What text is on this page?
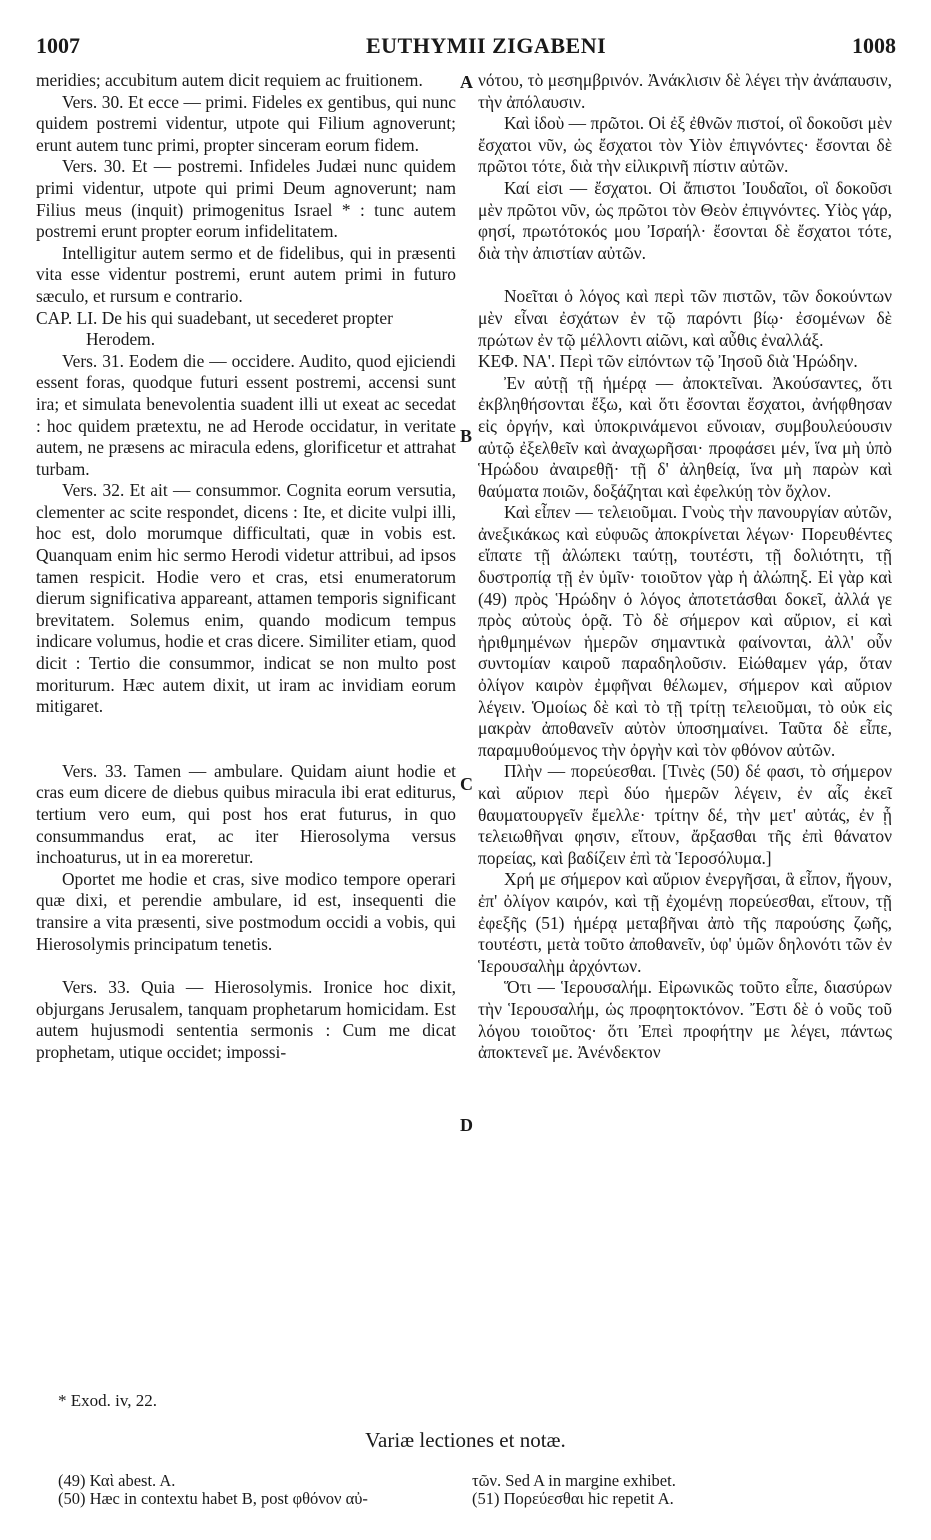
1007	EUTHYMII ZIGABENI	1008

meridies; accubitum autem dicit requiem ac fruitionem.

Vers. 30. Et ecce — primi. Fideles ex gentibus, qui nunc quidem postremi videntur, utpote qui Filium agnoverunt; erunt autem tunc primi, propter sinceram eorum fidem.

Vers. 30. Et — postremi. Infideles Judæi nunc quidem primi videntur, utpote qui primi Deum agnoverunt; nam Filius meus (inquit) primogenitus Israel * : tunc autem postremi erunt propter eorum infidelitatem.

Intelligitur autem sermo et de fidelibus, qui in præsenti vita esse videntur postremi, erunt autem primi in futuro sæculo, et rursum e contrario.

CAP. LI. De his qui suadebant, ut secederet propter Herodem.

Vers. 31. Eodem die — occidere. Audito, quod ejiciendi essent foras, quodque futuri essent postremi, accensi sunt ira; et simulata benevolentia suadent illi ut exeat ac secedat : hoc quidem prætextu, ne ad Herode occidatur, in veritate autem, ne præsens ac miracula edens, glorificetur et attrahat turbam.

Vers. 32. Et ait — consummor. Cognita eorum versutia, clementer ac scite respondet, dicens : Ite, et dicite vulpi illi, hoc est, dolo morumque difficultati, quæ in vobis est. Quanquam enim hic sermo Herodi videtur attribui, ad ipsos tamen respicit. Hodie vero et cras, etsi enumeratorum dierum significativa appareant, attamen temporis significant brevitatem. Solemus enim, quando modicum tempus indicare volumus, hodie et cras dicere. Similiter etiam, quod dicit : Tertio die consummor, indicat se non multo post moriturum. Hæc autem dixit, ut iram ac invidiam eorum mitigaret.

Vers. 33. Tamen — ambulare. Quidam aiunt hodie et cras eum dicere de diebus quibus miracula ibi erat editurus, tertium vero eum, qui post hos erat futurus, in quo consummandus erat, ac iter Hierosolyma versus inchoaturus, ut in ea moreretur.

Oportet me hodie et cras, sive modico tempore operari quæ dixi, et perendie ambulare, id est, insequenti die transire a vita præsenti, sive postmodum occidi a vobis, qui Hierosolymis principatum tenetis.

Vers. 33. Quia — Hierosolymis. Ironice hoc dixit, objurgans Jerusalem, tanquam prophetarum homicidam. Est autem hujusmodi sententia sermonis : Cum me dicat prophetam, utique occidet; impossi-

A
B
C
D

νότου, τὸ μεσημβρινόν. Ἀνάκλισιν δὲ λέγει τὴν ἀνάπαυσιν, τὴν ἀπόλαυσιν.

Καὶ ἰδοὺ — πρῶτοι. Οἱ ἐξ ἐθνῶν πιστοί, οἳ δοκοῦσι μὲν ἔσχατοι νῦν, ὡς ἔσχατοι τὸν Υἱὸν ἐπιγνόντες· ἔσονται δὲ πρῶτοι τότε, διὰ τὴν εἰλικρινῆ πίστιν αὐτῶν.

Καί εἰσι — ἔσχατοι. Οἱ ἄπιστοι Ἰουδαῖοι, οἳ δοκοῦσι μὲν πρῶτοι νῦν, ὡς πρῶτοι τὸν Θεὸν ἐπιγνόντες. Υἱὸς γάρ, φησί, πρωτότοκός μου Ἰσραήλ· ἔσονται δὲ ἔσχατοι τότε, διὰ τὴν ἀπιστίαν αὐτῶν.

Νοεῖται ὁ λόγος καὶ περὶ τῶν πιστῶν, τῶν δοκούντων μὲν εἶναι ἐσχάτων ἐν τῷ παρόντι βίῳ· ἐσομένων δὲ πρώτων ἐν τῷ μέλλοντι αἰῶνι, καὶ αὖθις ἐναλλάξ.

ΚΕΦ. ΝΑ'. Περὶ τῶν εἰπόντων τῷ Ἰησοῦ διὰ Ἡρώδην.

Ἐν αὐτῇ τῇ ἡμέρᾳ — ἀποκτεῖναι. Ἀκούσαντες, ὅτι ἐκβληθήσονται ἔξω, καὶ ὅτι ἔσονται ἔσχατοι, ἀνήφθησαν εἰς ὀργήν, καὶ ὑποκρινάμενοι εὔνοιαν, συμβουλεύουσιν αὐτῷ ἐξελθεῖν καὶ ἀναχωρῆσαι· προφάσει μέν, ἵνα μὴ ὑπὸ Ἡρώδου ἀναιρεθῇ· τῇ δ' ἀληθείᾳ, ἵνα μὴ παρὼν καὶ θαύματα ποιῶν, δοξάζηται καὶ ἐφελκύῃ τὸν ὄχλον.

Καὶ εἶπεν — τελειοῦμαι. Γνοὺς τὴν πανουργίαν αὐτῶν, ἀνεξικάκως καὶ εὐφυῶς ἀποκρίνεται λέγων· Πορευθέντες εἴπατε τῇ ἀλώπεκι ταύτῃ, τουτέστι, τῇ δολιότητι, τῇ δυστροπίᾳ τῇ ἐν ὑμῖν· τοιοῦτον γὰρ ἡ ἀλώπηξ. Εἰ γὰρ καὶ (49) πρὸς Ἡρώδην ὁ λόγος ἀποτετάσθαι δοκεῖ, ἀλλά γε πρὸς αὐτοὺς ὁρᾷ. Τὸ δὲ σήμερον καὶ αὔριον, εἰ καὶ ἠριθμημένων ἡμερῶν σημαντικὰ φαίνονται, ἀλλ' οὖν συντομίαν καιροῦ παραδηλοῦσιν. Εἰώθαμεν γάρ, ὅταν ὀλίγον καιρὸν ἐμφῆναι θέλωμεν, σήμερον καὶ αὔριον λέγειν. Ὁμοίως δὲ καὶ τὸ τῇ τρίτῃ τελειοῦμαι, τὸ οὐκ εἰς μακρὰν ἀποθανεῖν αὐτὸν ὑποσημαίνει. Ταῦτα δὲ εἶπε, παραμυθούμενος τὴν ὀργὴν καὶ τὸν φθόνον αὐτῶν.

Πλὴν — πορεύεσθαι. [Τινὲς (50) δέ φασι, τὸ σήμερον καὶ αὔριον περὶ δύο ἡμερῶν λέγειν, ἐν αἷς ἐκεῖ θαυματουργεῖν ἔμελλε· τρίτην δέ, τὴν μετ' αὐτάς, ἐν ᾗ τελειωθῆναι φησιν, εἴτουν, ἄρξασθαι τῆς ἐπὶ θάνατον πορείας, καὶ βαδίζειν ἐπὶ τὰ Ἱεροσόλυμα.]

Χρή με σήμερον καὶ αὔριον ἐνεργῆσαι, ἃ εἶπον, ἤγουν, ἐπ' ὀλίγον καιρόν, καὶ τῇ ἐχομένῃ πορεύεσθαι, εἴτουν, τῇ ἐφεξῆς (51) ἡμέρᾳ μεταβῆναι ἀπὸ τῆς παρούσης ζωῆς, τουτέστι, μετὰ τοῦτο ἀποθανεῖν, ὑφ' ὑμῶν δηλονότι τῶν ἐν Ἱερουσαλὴμ ἀρχόντων.

Ὅτι — Ἱερουσαλήμ. Εἰρωνικῶς τοῦτο εἶπε, διασύρων τὴν Ἱερουσαλήμ, ὡς προφητοκτόνον. Ἔστι δὲ ὁ νοῦς τοῦ λόγου τοιοῦτος· ὅτι Ἐπεὶ προφήτην με λέγει, πάντως ἀποκτενεῖ με. Ἀνένδεκτον

* Exod. iv, 22.
Variæ lectiones et notæ.

(49) Καὶ abest. A.

(50) Hæc in contextu habet B, post φθόνον αὐ-

τῶν. Sed A in margine exhibet.

(51) Πορεύεσθαι hic repetit A.
